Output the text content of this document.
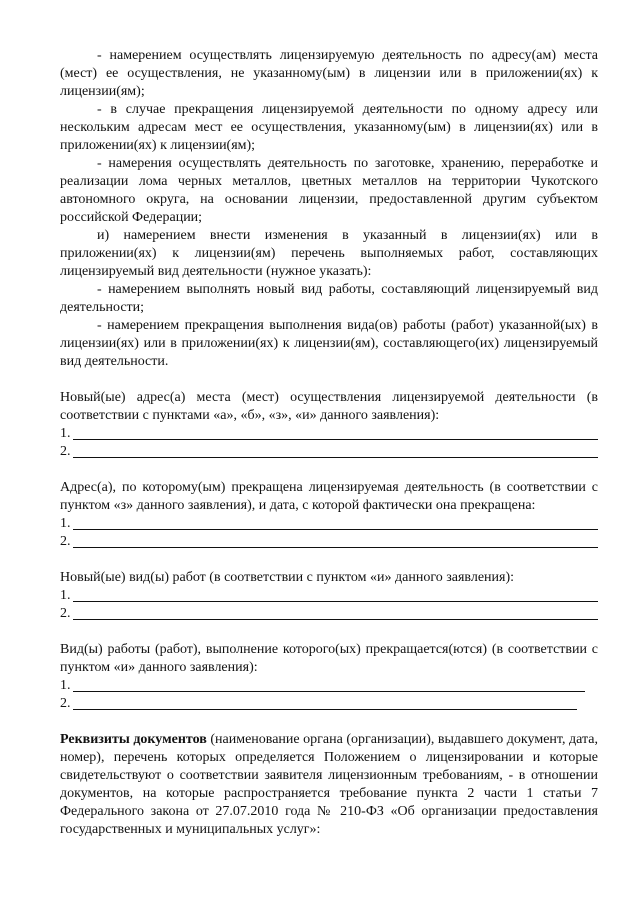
- намерением осуществлять лицензируемую деятельность по адресу(ам) места (мест) ее осуществления, не указанному(ым) в лицензии или в приложении(ях) к лицензии(ям);

- в случае прекращения лицензируемой деятельности по одному адресу или нескольким адресам мест ее осуществления, указанному(ым) в лицензии(ях) или в приложении(ях) к лицензии(ям);

- намерения осуществлять деятельность по заготовке, хранению, переработке и реализации лома черных металлов, цветных металлов на территории Чукотского автономного округа, на основании лицензии, предоставленной другим субъектом российской Федерации;

и) намерением внести изменения в указанный в лицензии(ях) или в приложении(ях) к лицензии(ям) перечень выполняемых работ, составляющих лицензируемый вид деятельности (нужное указать):

- намерением выполнять новый вид работы, составляющий лицензируемый вид деятельности;

- намерением прекращения выполнения вида(ов) работы (работ) указанной(ых) в лицензии(ях) или в приложении(ях) к лицензии(ям), составляющего(их) лицензируемый вид деятельности.

Новый(ые) адрес(а) места (мест) осуществления лицензируемой деятельности (в соответствии с пунктами «а», «б», «з», «и» данного заявления):

1.
2.

Адрес(а), по которому(ым) прекращена лицензируемая деятельность (в соответствии с пунктом «з» данного заявления), и дата, с которой фактически она прекращена:

1.
2.

Новый(ые) вид(ы) работ (в соответствии с пунктом «и» данного заявления):

1.
2.

Вид(ы) работы (работ), выполнение которого(ых) прекращается(ются) (в соответствии с пунктом «и» данного заявления):

1.
2.

Реквизиты документов (наименование органа (организации), выдавшего документ, дата, номер), перечень которых определяется Положением о лицензировании и которые свидетельствуют о соответствии заявителя лицензионным требованиям, - в отношении документов, на которые распространяется требование пункта 2 части 1 статьи 7 Федерального закона от 27.07.2010 года № 210-ФЗ «Об организации предоставления государственных и муниципальных услуг»:
